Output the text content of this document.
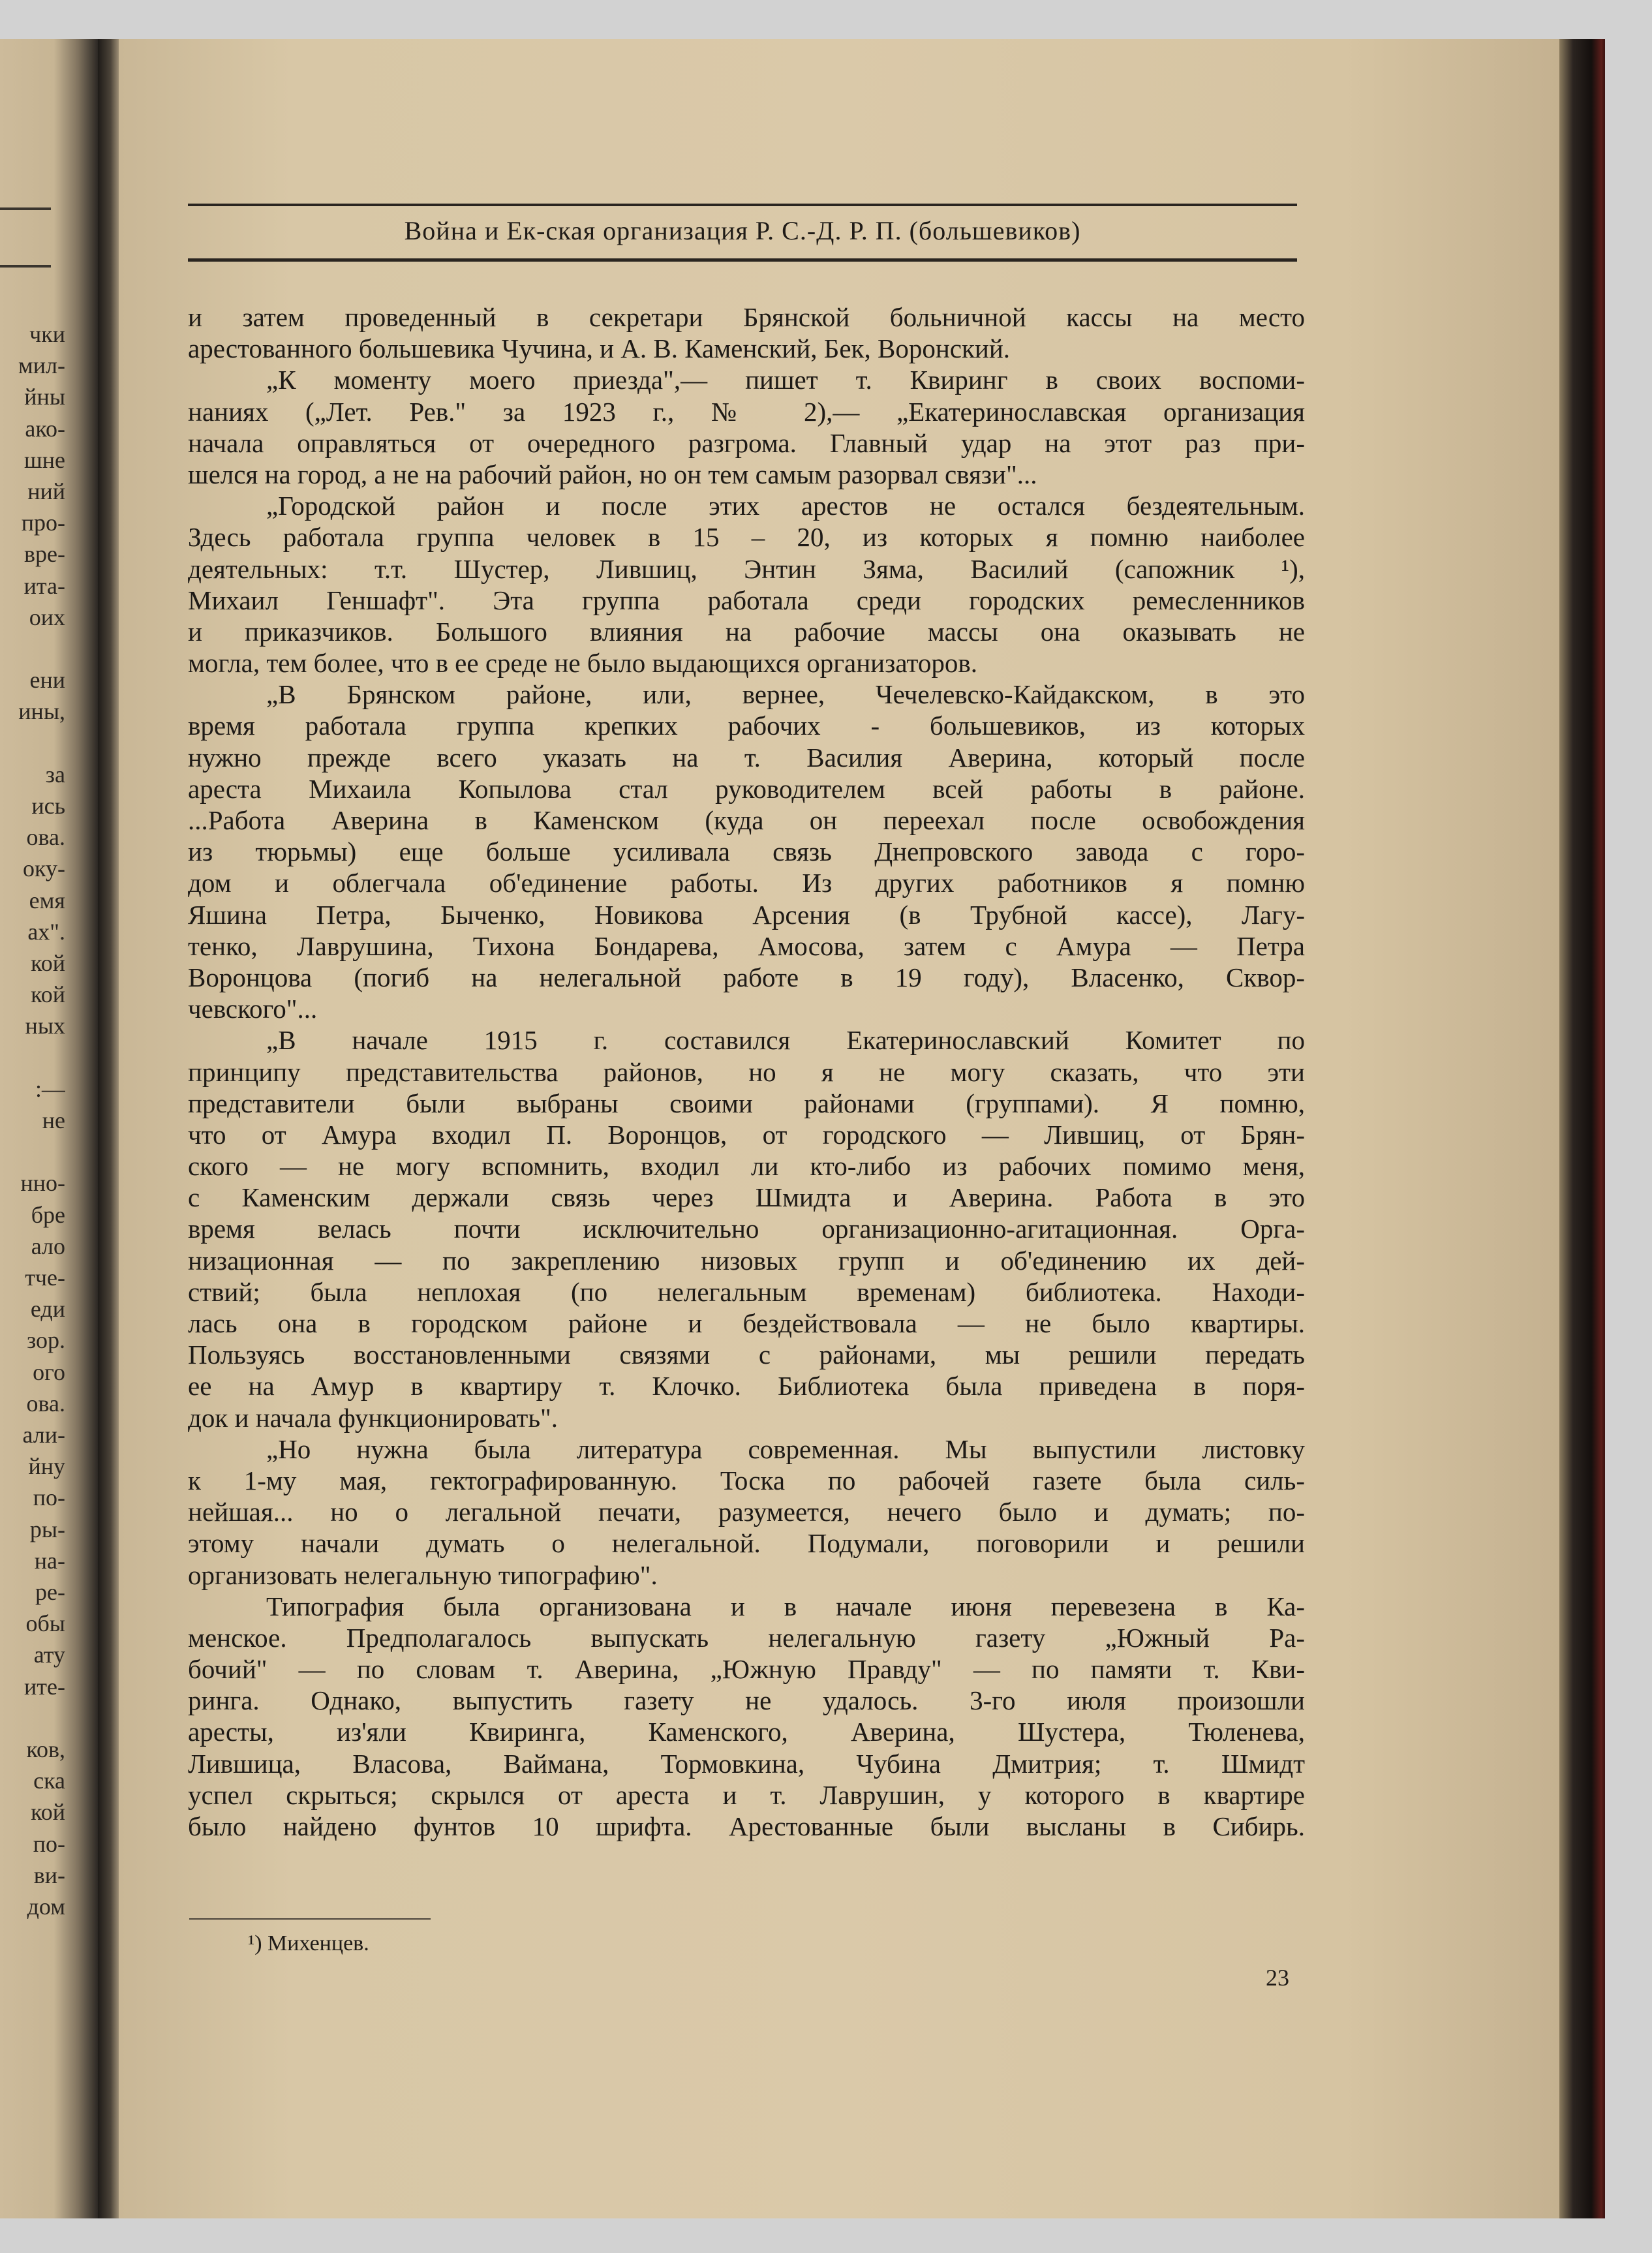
чки
мил-
йны
ако-
шне
ний
про-
вре-
ита-
оих
ени
ины,
за
ись
ова.
оку-
емя
ах".
кой
кой
ных
:—
не
нно-
бре
ало
тче-
еди
зор.
ого
ова.
али-
йну
по-
ры-
на-
ре-
обы
ату
ите-
ков,
ска
кой
по-
ви-
дом
Война и Ек-ская организация Р. С.-Д. Р. П. (большевиков)
и затем проведенный в секретари Брянской больничной кассы на место
арестованного большевика Чучина, и А. В. Каменский, Бек, Воронский.
„К моменту моего приезда",— пишет т. Квиринг в своих воспоми-
наниях („Лет. Рев." за 1923 г., № 2),— „Екатеринославская организация
начала оправляться от очередного разгрома. Главный удар на этот раз при-
шелся на город, а не на рабочий район, но он тем самым разорвал связи"...
„Городской район и после этих арестов не остался бездеятельным.
Здесь работала группа человек в 15 – 20, из которых я помню наиболее
деятельных: т.т. Шустер, Лившиц, Энтин Зяма, Василий (сапожник ¹),
Михаил Геншафт". Эта группа работала среди городских ремесленников
и приказчиков. Большого влияния на рабочие массы она оказывать не
могла, тем более, что в ее среде не было выдающихся организаторов.
„В Брянском районе, или, вернее, Чечелевско-Кайдакском, в это
время работала группа крепких рабочих - большевиков, из которых
нужно прежде всего указать на т. Василия Аверина, который после
ареста Михаила Копылова стал руководителем всей работы в районе.
...Работа Аверина в Каменском (куда он переехал после освобождения
из тюрьмы) еще больше усиливала связь Днепровского завода с горо-
дом и облегчала об'единение работы. Из других работников я помню
Яшина Петра, Быченко, Новикова Арсения (в Трубной кассе), Лагу-
тенко, Лаврушина, Тихона Бондарева, Амосова, затем с Амура — Петра
Воронцова (погиб на нелегальной работе в 19 году), Власенко, Сквор-
чевского"...
„В начале 1915 г. составился Екатеринославский Комитет по
принципу представительства районов, но я не могу сказать, что эти
представители были выбраны своими районами (группами). Я помню,
что от Амура входил П. Воронцов, от городского — Лившиц, от Брян-
ского — не могу вспомнить, входил ли кто-либо из рабочих помимо меня,
с Каменским держали связь через Шмидта и Аверина. Работа в это
время велась почти исключительно организационно-агитационная. Орга-
низационная — по закреплению низовых групп и об'единению их дей-
ствий; была неплохая (по нелегальным временам) библиотека. Находи-
лась она в городском районе и бездействовала — не было квартиры.
Пользуясь восстановленными связями с районами, мы решили передать
ее на Амур в квартиру т. Клочко. Библиотека была приведена в поря-
док и начала функционировать".
„Но нужна была литература современная. Мы выпустили листовку
к 1-му мая, гектографированную. Тоска по рабочей газете была силь-
нейшая... но о легальной печати, разумеется, нечего было и думать; по-
этому начали думать о нелегальной. Подумали, поговорили и решили
организовать нелегальную типографию".
Типография была организована и в начале июня перевезена в Ка-
менское. Предполагалось выпускать нелегальную газету „Южный Ра-
бочий" — по словам т. Аверина, „Южную Правду" — по памяти т. Кви-
ринга. Однако, выпустить газету не удалось. 3-го июля произошли
аресты, из'яли Квиринга, Каменского, Аверина, Шустера, Тюленева,
Лившица, Власова, Ваймана, Тормовкина, Чубина Дмитрия; т. Шмидт
успел скрыться; скрылся от ареста и т. Лаврушин, у которого в квартире
было найдено фунтов 10 шрифта. Арестованные были высланы в Сибирь.
¹) Михенцев.
23
